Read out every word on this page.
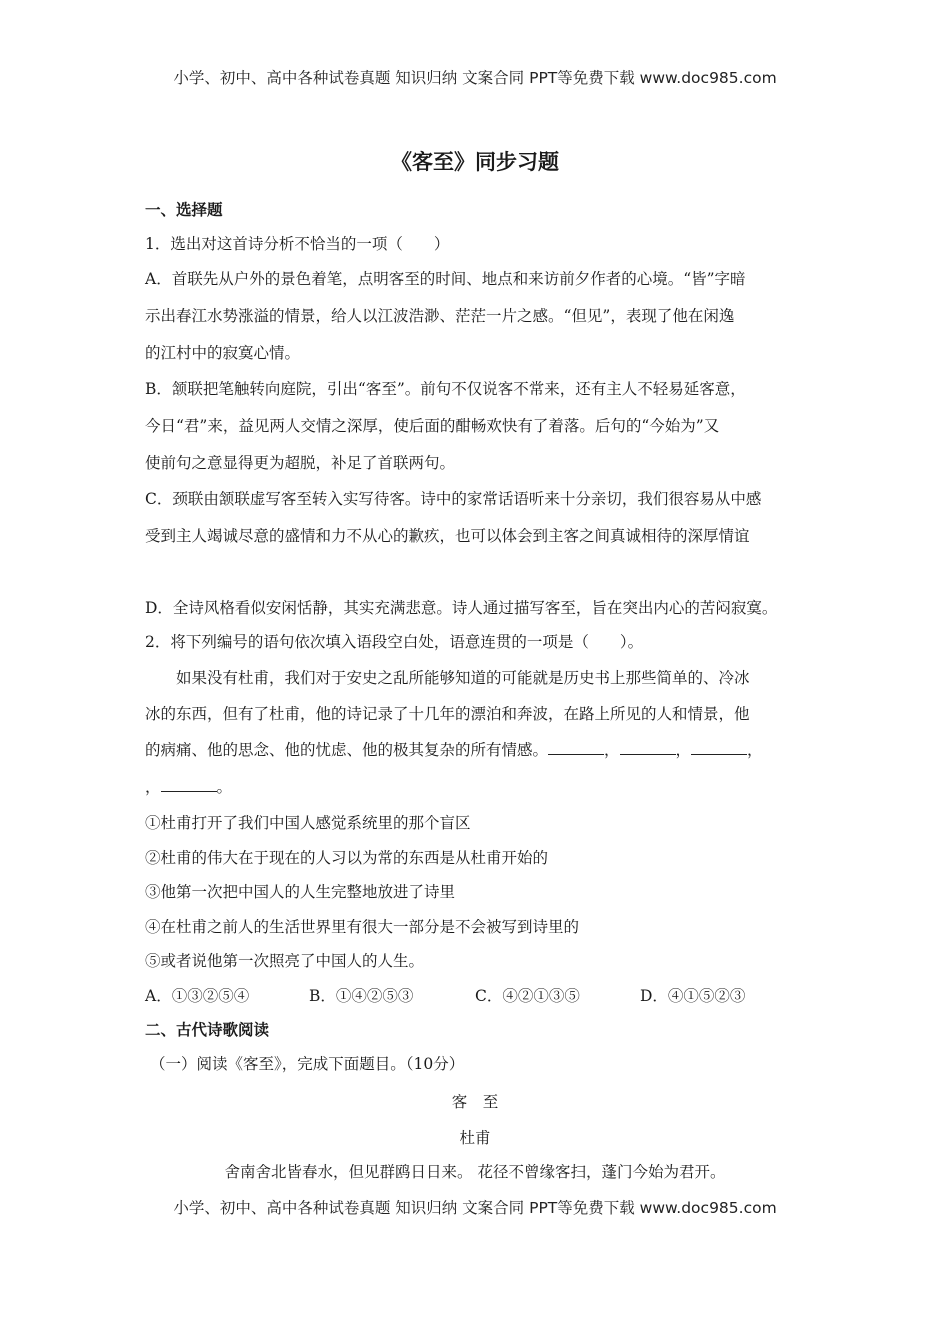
小学、初中、高中各种试卷真题 知识归纳 文案合同 PPT等免费下载 www.doc985.com
《客至》同步习题
一、选择题
1．选出对这首诗分析不恰当的一项（　　）
A．首联先从户外的景色着笔，点明客至的时间、地点和来访前夕作者的心境。“皆”字暗
示出春江水势涨溢的情景，给人以江波浩渺、茫茫一片之感。“但见”，表现了他在闲逸
的江村中的寂寞心情。
B．颔联把笔触转向庭院，引出“客至”。前句不仅说客不常来，还有主人不轻易延客意，
今日“君”来，益见两人交情之深厚，使后面的酣畅欢快有了着落。后句的“今始为”又
使前句之意显得更为超脱，补足了首联两句。
C．颈联由颔联虚写客至转入实写待客。诗中的家常话语听来十分亲切，我们很容易从中感
受到主人竭诚尽意的盛情和力不从心的歉疚，也可以体会到主客之间真诚相待的深厚情谊
D．全诗风格看似安闲恬静，其实充满悲意。诗人通过描写客至，旨在突出内心的苦闷寂寞。
2．将下列编号的语句依次填入语段空白处，语意连贯的一项是（　　）。
如果没有杜甫，我们对于安史之乱所能够知道的可能就是历史书上那些简单的、冷冰
冰的东西，但有了杜甫，他的诗记录了十几年的漂泊和奔波，在路上所见的人和情景，他
的病痛、他的思念、他的忧虑、他的极其复杂的所有情感。	，	，	，
，	。
①杜甫打开了我们中国人感觉系统里的那个盲区
②杜甫的伟大在于现在的人习以为常的东西是从杜甫开始的
③他第一次把中国人的人生完整地放进了诗里
④在杜甫之前人的生活世界里有很大一部分是不会被写到诗里的
⑤或者说他第一次照亮了中国人的人生。
A．①③②⑤④	B．①④②⑤③	C．④②①③⑤	D．④①⑤②③
二、古代诗歌阅读
（一）阅读《客至》，完成下面题目。（10分）
客　至
杜甫
舍南舍北皆春水，但见群鸥日日来。 花径不曾缘客扫，蓬门今始为君开。
小学、初中、高中各种试卷真题 知识归纳 文案合同 PPT等免费下载 www.doc985.com
